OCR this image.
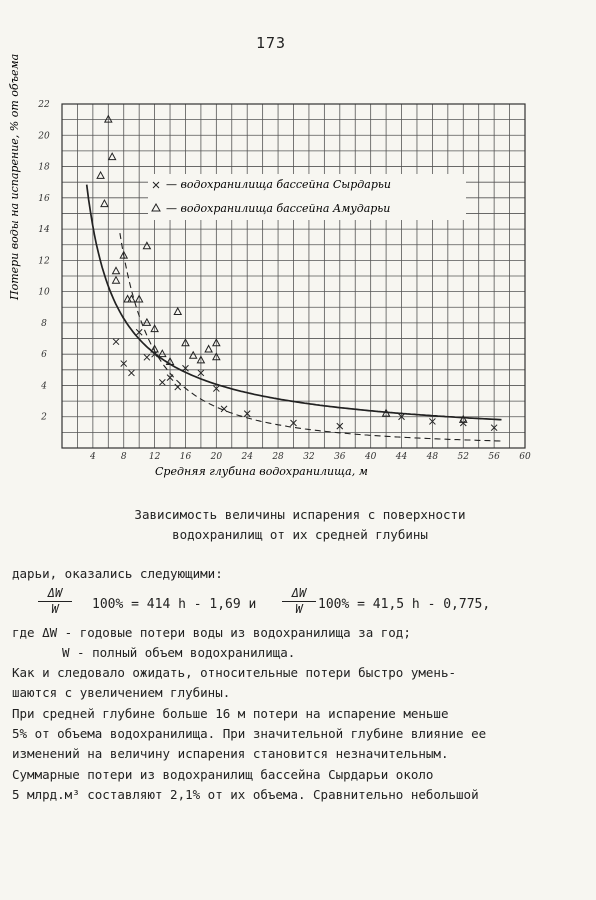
173
4	8 12 16 20 24 28 32 36 40 44 48 52 56 60
2
4
6
8
10
12
14
16
18
20
22
— водохранилища бассейна Сырдарьи
— водохранилища бассейна Амударьи
Потери воды на испарение, % от объема
Средняя глубина водохранилища, м
Зависимость величины испарения с поверхности
водохранилищ от их средней глубины
дарьи, оказались следующими:
$\frac{\Delta W}{W} 100\% = 414$ h - 1,69 и $\frac{\Delta W}{W} 100\% = 41,5$ h - 0,775,
где ΔW - годовые потери воды из водохранилища за год;
W - полный объем водохранилища.
Как и следовало ожидать, относительные потери быстро умень-
шаются с увеличением глубины.
При средней глубине больше 16 м потери на испарение меньше
5% от объема водохранилища. При значительной глубине влияние ее
изменений на величину испарения становится незначительным.
Суммарные потери из водохранилищ бассейна Сырдарьи около
5 млрд.м³ составляют 2,1% от их объема. Сравнительно небольшой
